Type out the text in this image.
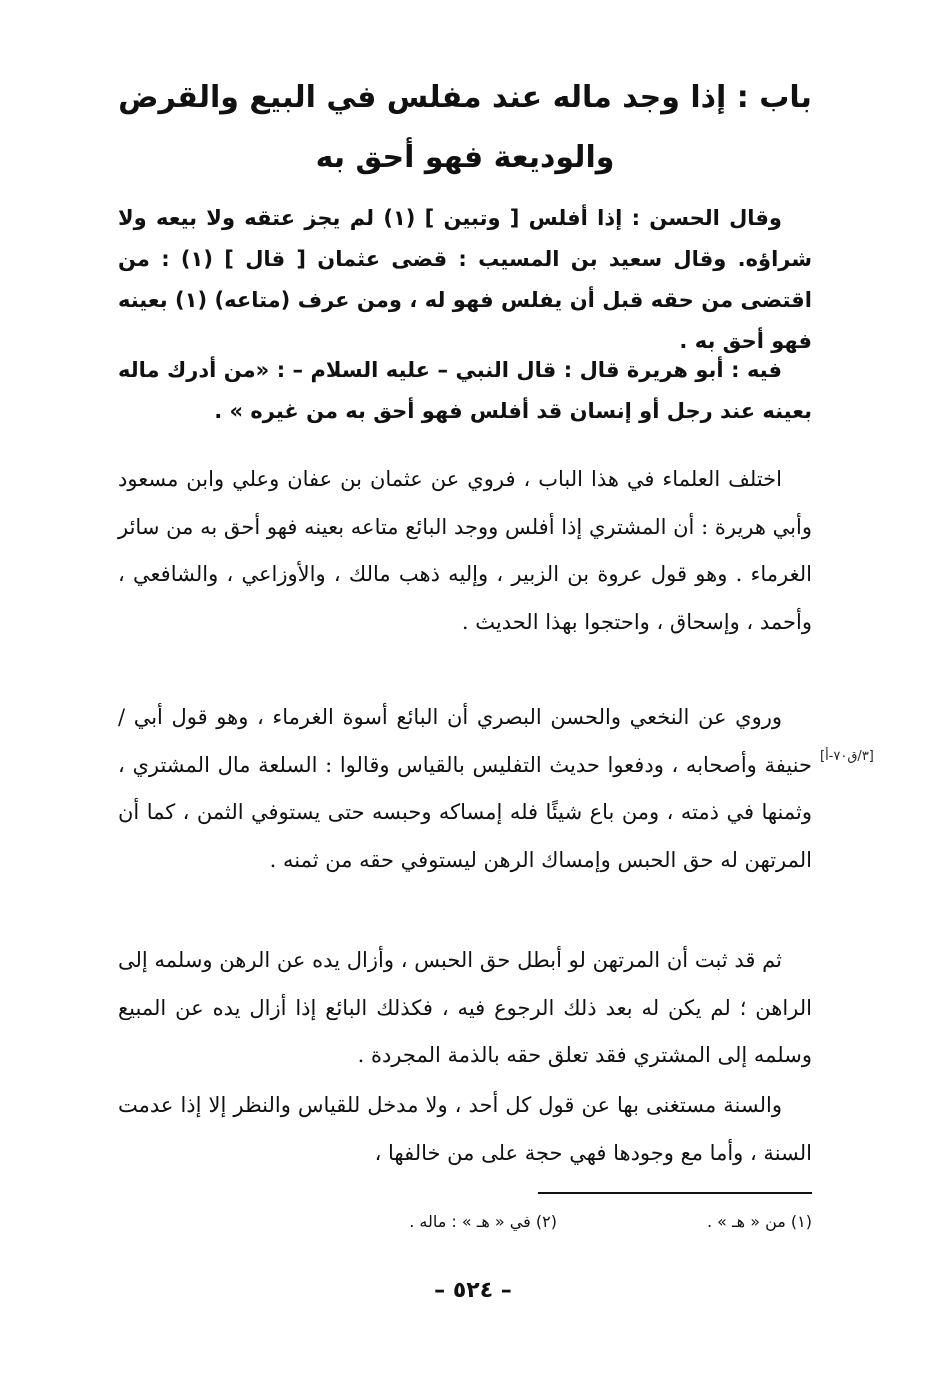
باب : إذا وجد ماله عند مفلس في البيع والقرض
والوديعة فهو أحق به
وقال الحسن : إذا أفلس [ وتبين ] (١) لم يجز عتقه ولا بيعه ولا شراؤه. وقال سعيد بن المسيب : قضى عثمان [ قال ] (١) : من اقتضى من حقه قبل أن يفلس فهو له ، ومن عرف (متاعه) (١) بعينه فهو أحق به .
فيه : أبو هريرة قال : قال النبي – عليه السلام – : «من أدرك ماله بعينه عند رجل أو إنسان قد أفلس فهو أحق به من غيره » .
اختلف العلماء في هذا الباب ، فروي عن عثمان بن عفان وعلي وابن مسعود وأبي هريرة : أن المشتري إذا أفلس ووجد البائع متاعه بعينه فهو أحق به من سائر الغرماء . وهو قول عروة بن الزبير ، وإليه ذهب مالك ، والأوزاعي ، والشافعي ، وأحمد ، وإسحاق ، واحتجوا بهذا الحديث .
وروي عن النخعي والحسن البصري أن البائع أسوة الغرماء ، وهو قول أبي / حنيفة وأصحابه ، ودفعوا حديث التفليس بالقياس وقالوا : السلعة مال المشتري ، وثمنها في ذمته ، ومن باع شيئًا فله إمساكه وحبسه حتى يستوفي الثمن ، كما أن المرتهن له حق الحبس وإمساك الرهن ليستوفي حقه من ثمنه .
[٣/ق٧٠-أ]
ثم قد ثبت أن المرتهن لو أبطل حق الحبس ، وأزال يده عن الرهن وسلمه إلى الراهن ؛ لم يكن له بعد ذلك الرجوع فيه ، فكذلك البائع إذا أزال يده عن المبيع وسلمه إلى المشتري فقد تعلق حقه بالذمة المجردة .
والسنة مستغنى بها عن قول كل أحد ، ولا مدخل للقياس والنظر إلا إذا عدمت السنة ، وأما مع وجودها فهي حجة على من خالفها ،
(١) من « هـ » .
(٢) في « هـ » : ماله .
– ٥٢٤ –
